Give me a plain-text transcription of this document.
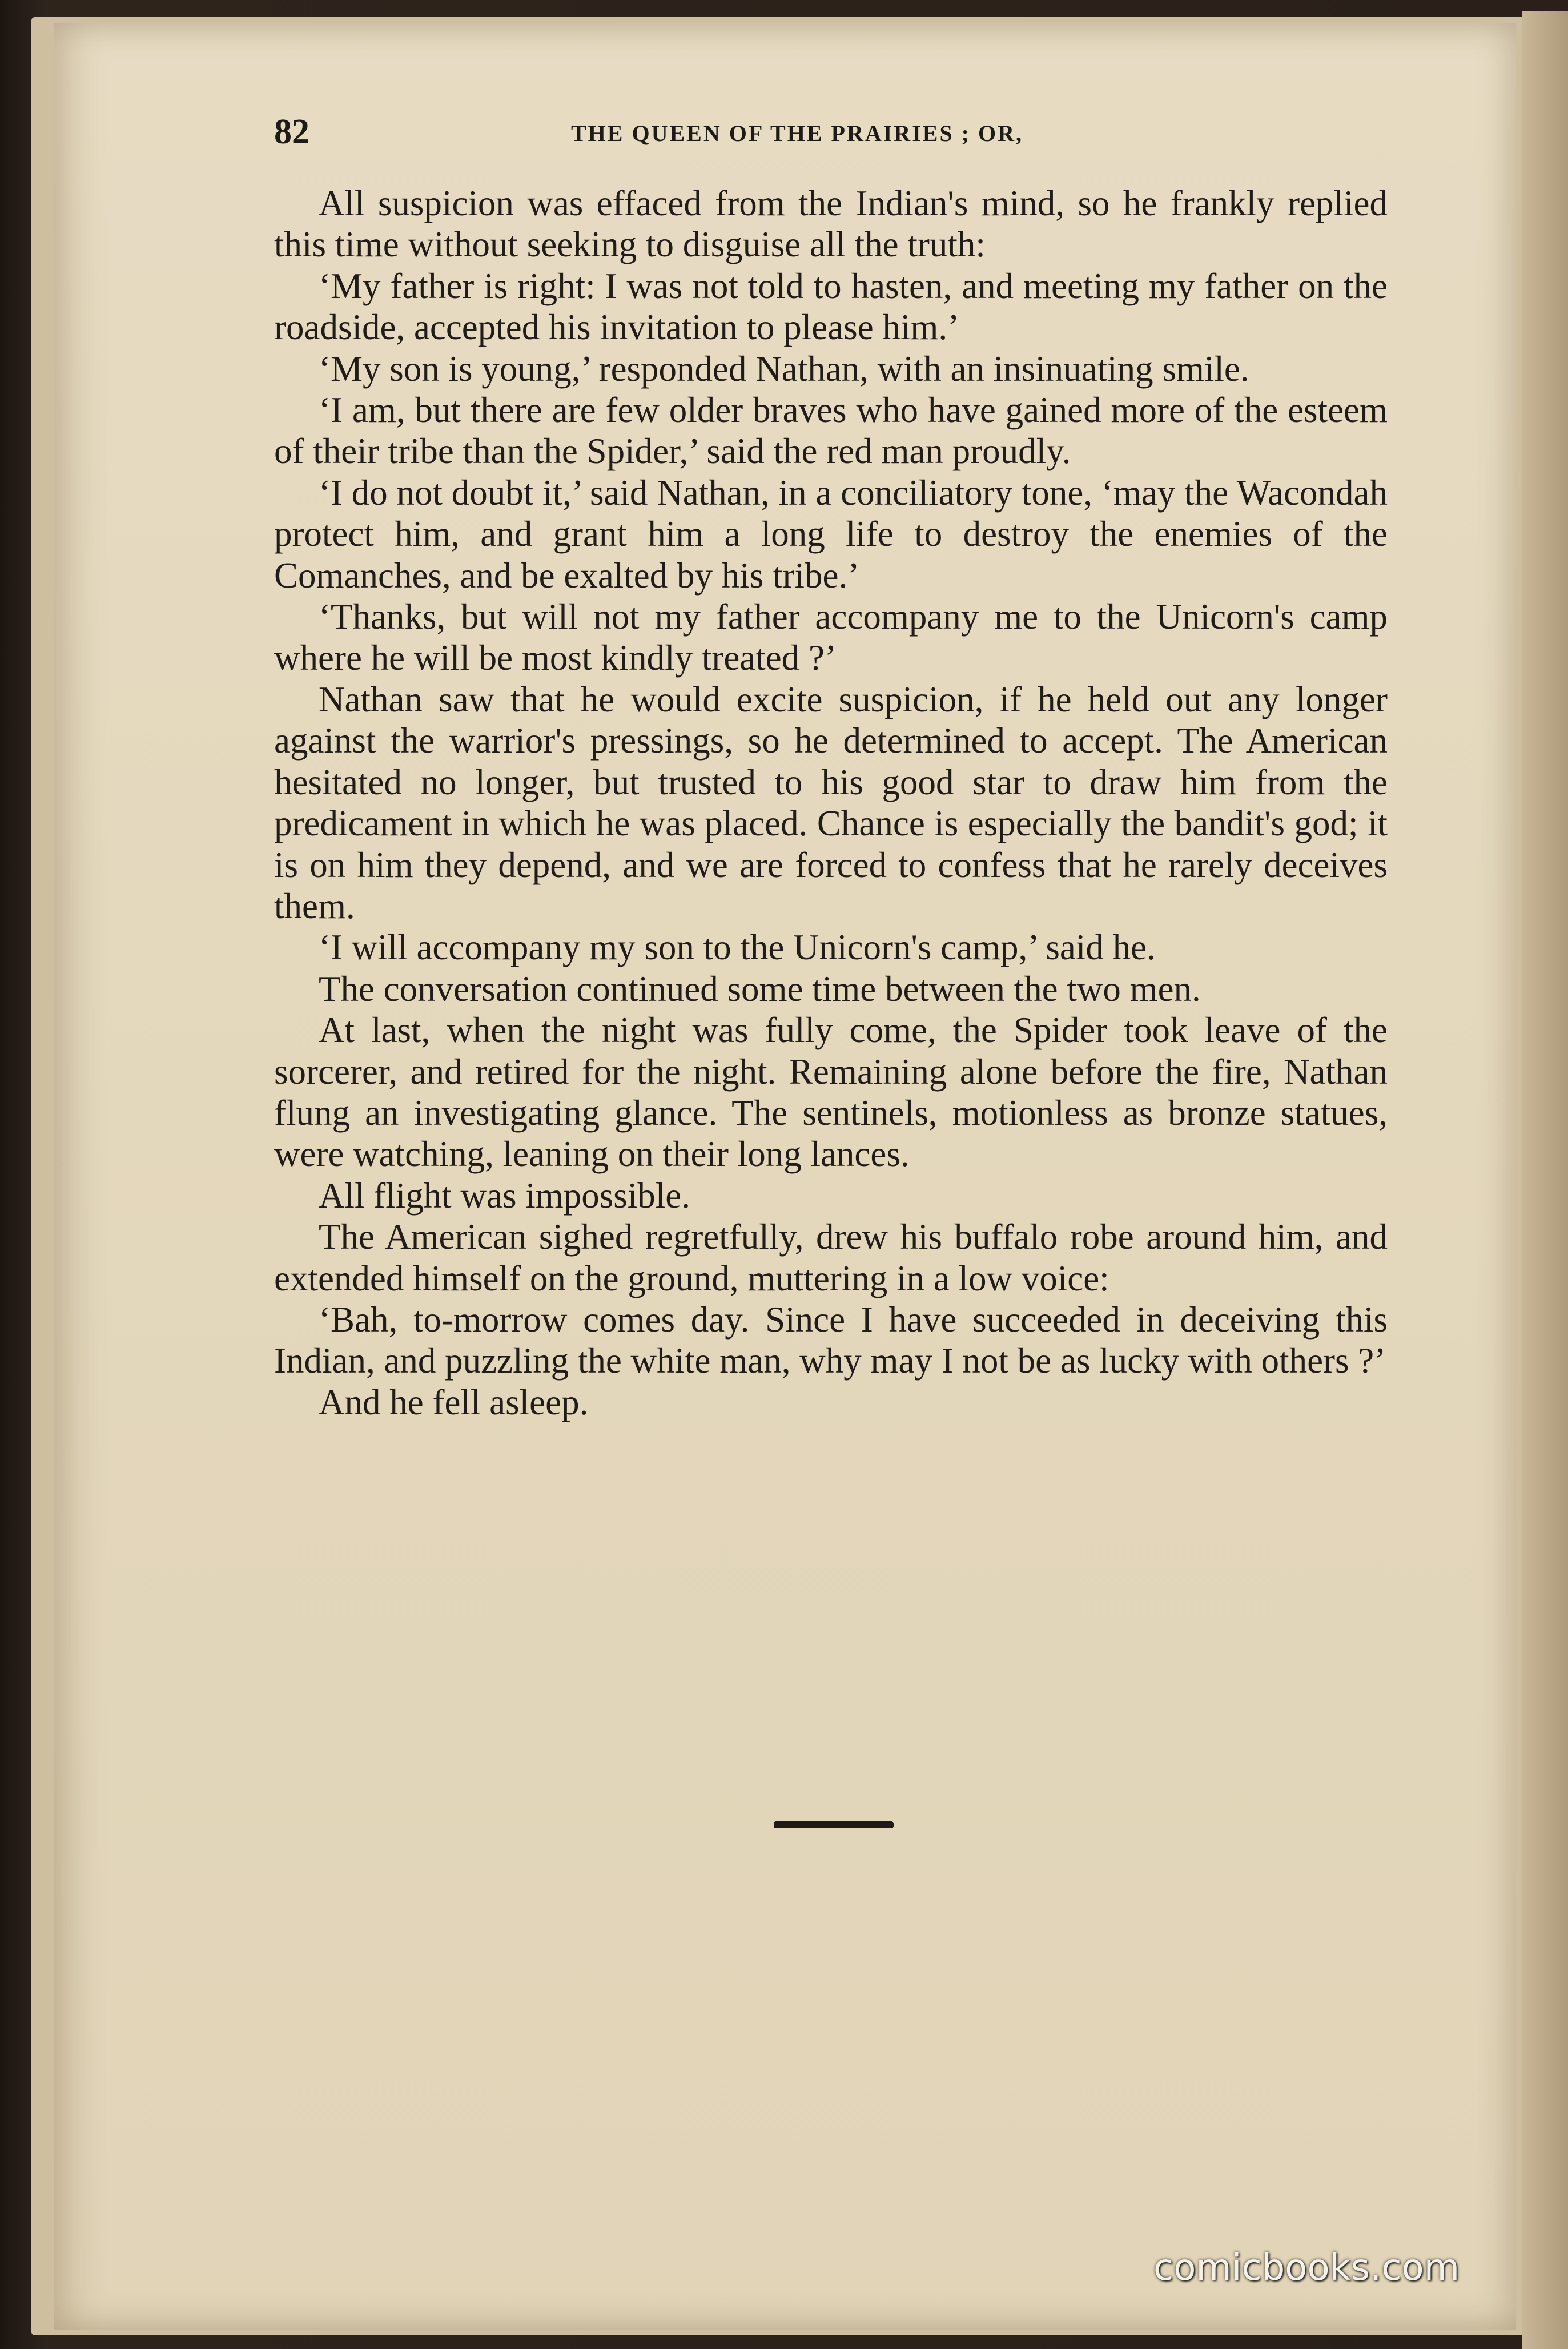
82	THE QUEEN OF THE PRAIRIES ; OR,

All suspicion was effaced from the Indian's mind, so he frankly replied this time without seeking to disguise all the truth:

‘My father is right: I was not told to hasten, and meeting my father on the roadside, accepted his invitation to please him.’

‘My son is young,’ responded Nathan, with an insinuating smile.

‘I am, but there are few older braves who have gained more of the esteem of their tribe than the Spider,’ said the red man proudly.

‘I do not doubt it,’ said Nathan, in a conciliatory tone, ‘may the Wacondah protect him, and grant him a long life to destroy the enemies of the Comanches, and be exalted by his tribe.’

‘Thanks, but will not my father accompany me to the Unicorn's camp where he will be most kindly treated ?’

Nathan saw that he would excite suspicion, if he held out any longer against the warrior's pressings, so he determined to accept. The American hesitated no longer, but trusted to his good star to draw him from the predicament in which he was placed. Chance is especially the bandit's god; it is on him they depend, and we are forced to confess that he rarely deceives them.

‘I will accompany my son to the Unicorn's camp,’ said he.

The conversation continued some time between the two men.

At last, when the night was fully come, the Spider took leave of the sorcerer, and retired for the night. Remaining alone before the fire, Nathan flung an investigating glance. The sentinels, motionless as bronze statues, were watching, leaning on their long lances.

All flight was impossible.

The American sighed regretfully, drew his buffalo robe around him, and extended himself on the ground, muttering in a low voice:

‘Bah, to-morrow comes day. Since I have succeeded in deceiving this Indian, and puzzling the white man, why may I not be as lucky with others ?’

And he fell asleep.

comicbooks.com
